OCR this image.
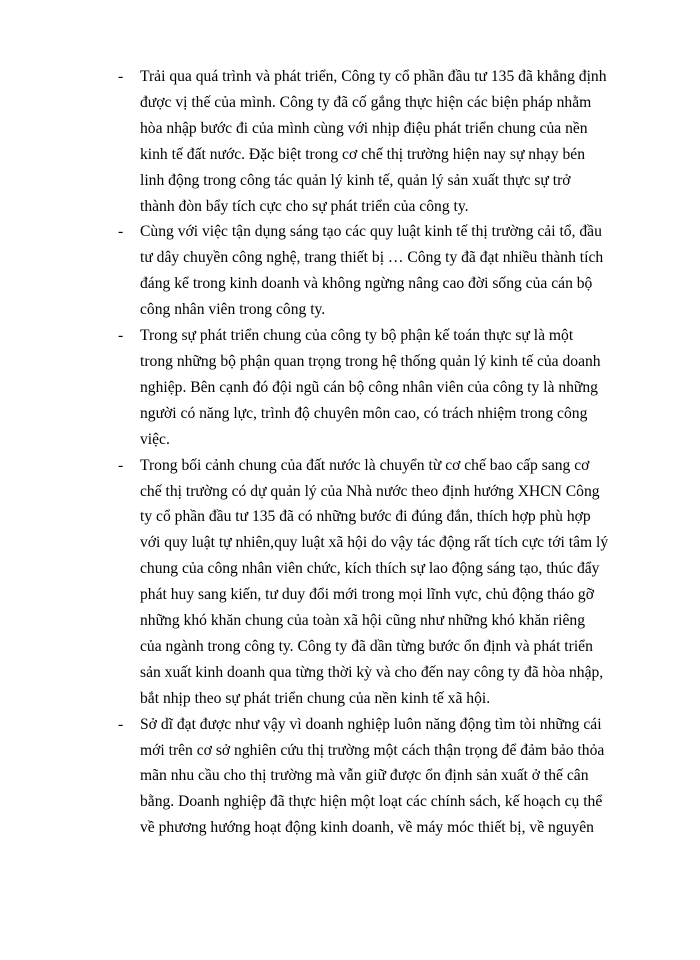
- Trải qua quá trình và phát triển, Công ty cổ phần đầu tư 135 đã khẳng định
được vị thế của mình. Công ty đã cố gắng thực hiện các biện pháp nhằm
hòa nhập bước đi của mình cùng với nhịp điệu phát triển chung của nền
kinh tế đất nước. Đặc biệt trong cơ chế thị trường hiện nay sự nhạy bén
linh động trong công tác quản lý kinh tế, quản lý sản xuất thực sự trở
thành đòn bẩy tích cực cho sự phát triển của công ty.
- Cùng với việc tận dụng sáng tạo các quy luật kinh tế thị trường cải tổ, đầu
tư dây chuyền công nghệ, trang thiết bị … Công ty đã đạt nhiều thành tích
đáng kể trong kinh doanh và không ngừng nâng cao đời sống của cán bộ
công nhân viên trong công ty.
- Trong sự phát triển chung của công ty bộ phận kế toán thực sự là một
trong những bộ phận quan trọng trong hệ thống quản lý kinh tế của doanh
nghiệp. Bên cạnh đó đội ngũ cán bộ công nhân viên của công ty là những
người có năng lực, trình độ chuyên môn cao, có trách nhiệm trong công
việc.
- Trong bối cảnh chung của đất nước là chuyển từ cơ chế bao cấp sang cơ
chế thị trường có dự quản lý của Nhà nước theo định hướng XHCN Công
ty cổ phần đầu tư 135 đã có những bước đi đúng đắn, thích hợp phù hợp
với quy luật tự nhiên,quy luật xã hội do vậy tác động rất tích cực tới tâm lý
chung của công nhân viên chức, kích thích sự lao động sáng tạo, thúc đẩy
phát huy sang kiến, tư duy đổi mới trong mọi lĩnh vực, chủ động tháo gỡ
những khó khăn chung của toàn xã hội cũng như những khó khăn riêng
của ngành trong công ty. Công ty đã dần từng bước ổn định và phát triển
sản xuất kinh doanh qua từng thời kỳ và cho đến nay công ty đã hòa nhập,
bắt nhịp theo sự phát triển chung của nền kinh tế xã hội.
- Sở dĩ đạt được như vậy vì doanh nghiệp luôn năng động tìm tòi những cái
mới trên cơ sở nghiên cứu thị trường một cách thận trọng để đảm bảo thỏa
mãn nhu cầu cho thị trường mà vẫn giữ được ổn định sản xuất ở thế cân
bằng. Doanh nghiệp đã thực hiện một loạt các chính sách, kế hoạch cụ thể
về phương hướng hoạt động kinh doanh, về máy móc thiết bị, về nguyên
